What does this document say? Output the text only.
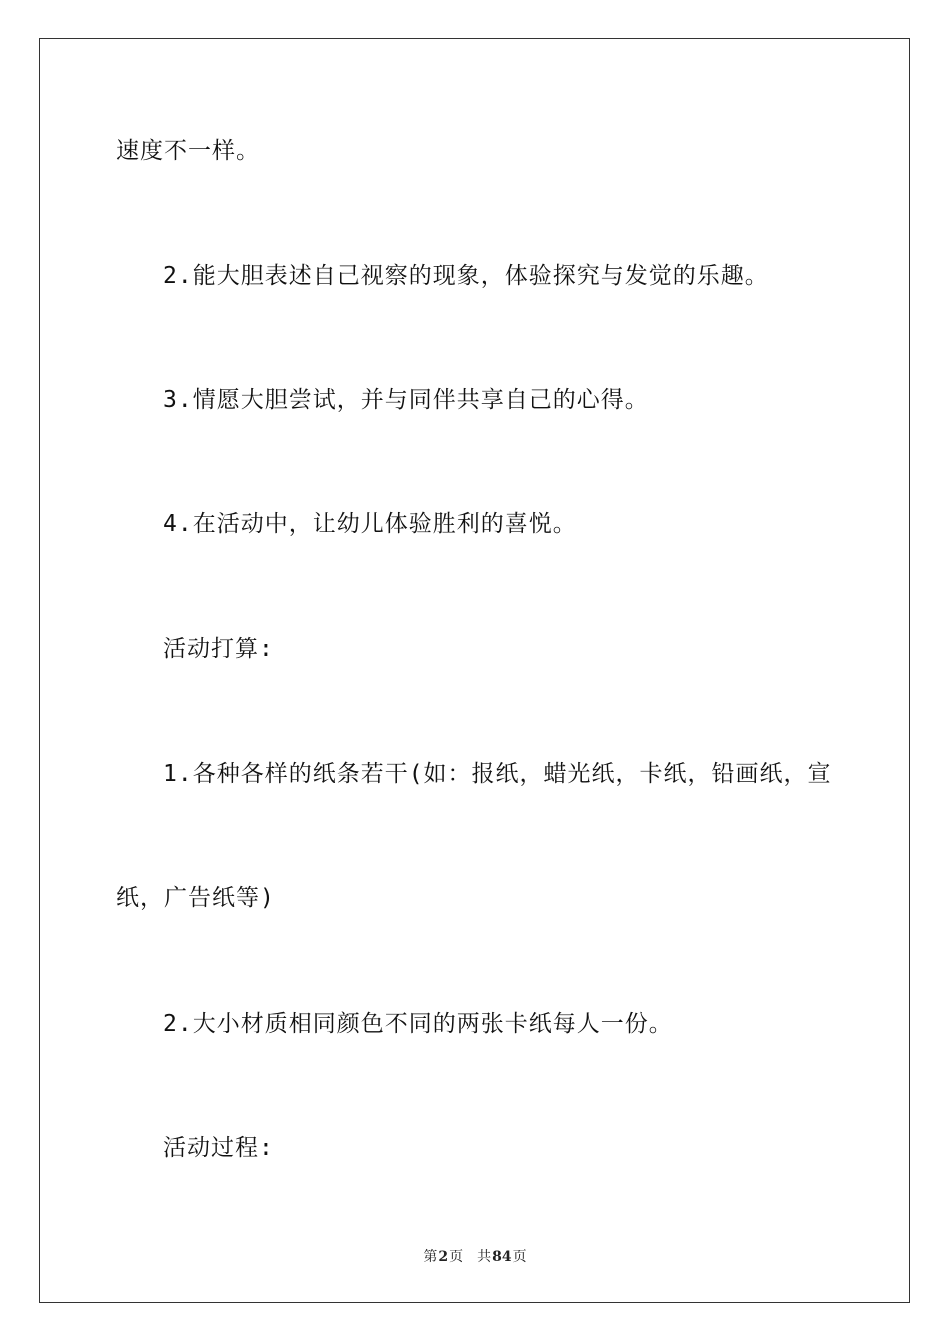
速度不一样。
2.能大胆表述自己视察的现象，体验探究与发觉的乐趣。
3.情愿大胆尝试，并与同伴共享自己的心得。
4.在活动中，让幼儿体验胜利的喜悦。
活动打算:
1.各种各样的纸条若干(如：报纸，蜡光纸，卡纸，铅画纸，宣
纸，广告纸等)
2.大小材质相同颜色不同的两张卡纸每人一份。
活动过程:
第2页 共84页
